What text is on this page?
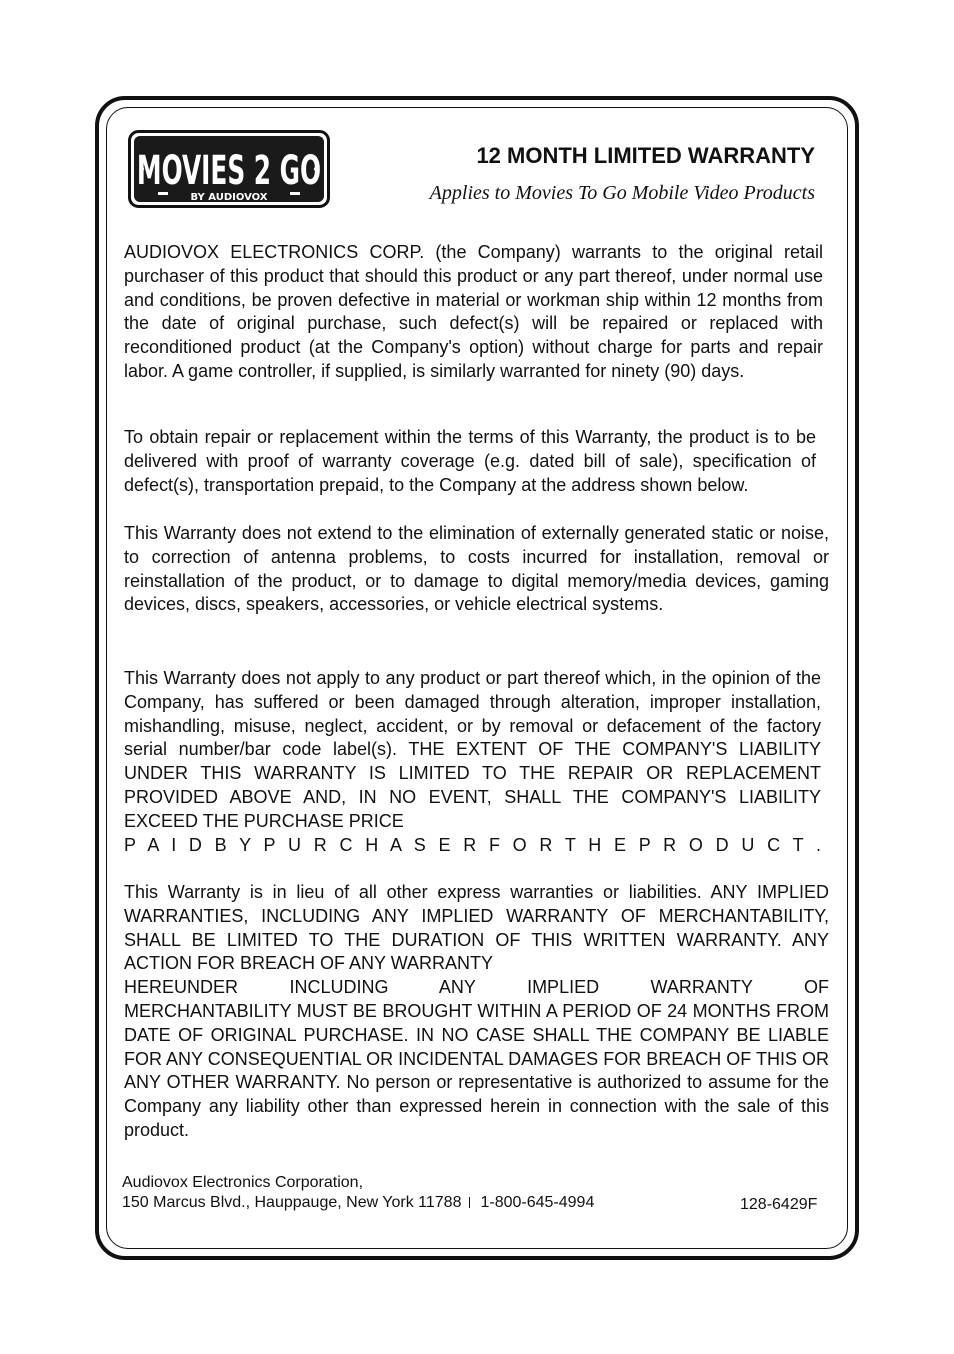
MOVIES 2 GO
BY AUDIOVOX
12 MONTH LIMITED WARRANTY
Applies to Movies To Go Mobile Video Products

AUDIOVOX ELECTRONICS CORP. (the Company) warrants to the original retail purchaser of this product that should this product or any part thereof, under normal use and conditions, be proven defective in material or workman ship within 12 months from the date of original purchase, such defect(s) will be repaired or replaced with reconditioned product (at the Company's option) without charge for parts and repair labor. A game controller, if supplied, is similarly warranted for ninety (90) days.

To obtain repair or replacement within the terms of this Warranty, the product is to be delivered with proof of warranty coverage (e.g. dated bill of sale), specification of defect(s), transportation prepaid, to the Company at the address shown below.

This Warranty does not extend to the elimination of externally generated static or noise, to correction of antenna problems, to costs incurred for installation, removal or reinstallation of the product, or to damage to digital memory/media devices, gaming devices, discs, speakers, accessories, or vehicle electrical systems.

This Warranty does not apply to any product or part thereof which, in the opinion of the Company, has suffered or been damaged through alteration, improper installation, mishandling, misuse, neglect, accident, or by removal or defacement of the factory serial number/bar code label(s). THE EXTENT OF THE COMPANY'S LIABILITY UNDER THIS WARRANTY IS LIMITED TO THE REPAIR OR REPLACEMENT PROVIDED ABOVE AND, IN NO EVENT, SHALL THE COMPANY'S LIABILITY EXCEED THE PURCHASE PRICE
P A I D B Y P U R C H A S E R F O R T H E P R O D U C T .
This Warranty is in lieu of all other express warranties or liabilities. ANY IMPLIED WARRANTIES, INCLUDING ANY IMPLIED WARRANTY OF MERCHANTABILITY, SHALL BE LIMITED TO THE DURATION OF THIS WRITTEN WARRANTY. ANY ACTION FOR BREACH OF ANY WARRANTY
HEREUNDER INCLUDING ANY IMPLIED WARRANTY OF
MERCHANTABILITY MUST BE BROUGHT WITHIN A PERIOD OF 24 MONTHS FROM DATE OF ORIGINAL PURCHASE. IN NO CASE SHALL THE COMPANY BE LIABLE FOR ANY CONSEQUENTIAL OR INCIDENTAL DAMAGES FOR BREACH OF THIS OR ANY OTHER WARRANTY. No person or representative is authorized to assume for the Company any liability other than expressed herein in connection with the sale of this product.
Audiovox Electronics Corporation,
150 Marcus Blvd., Hauppauge, New York 11788 1-800-645-4994	128-6429F
